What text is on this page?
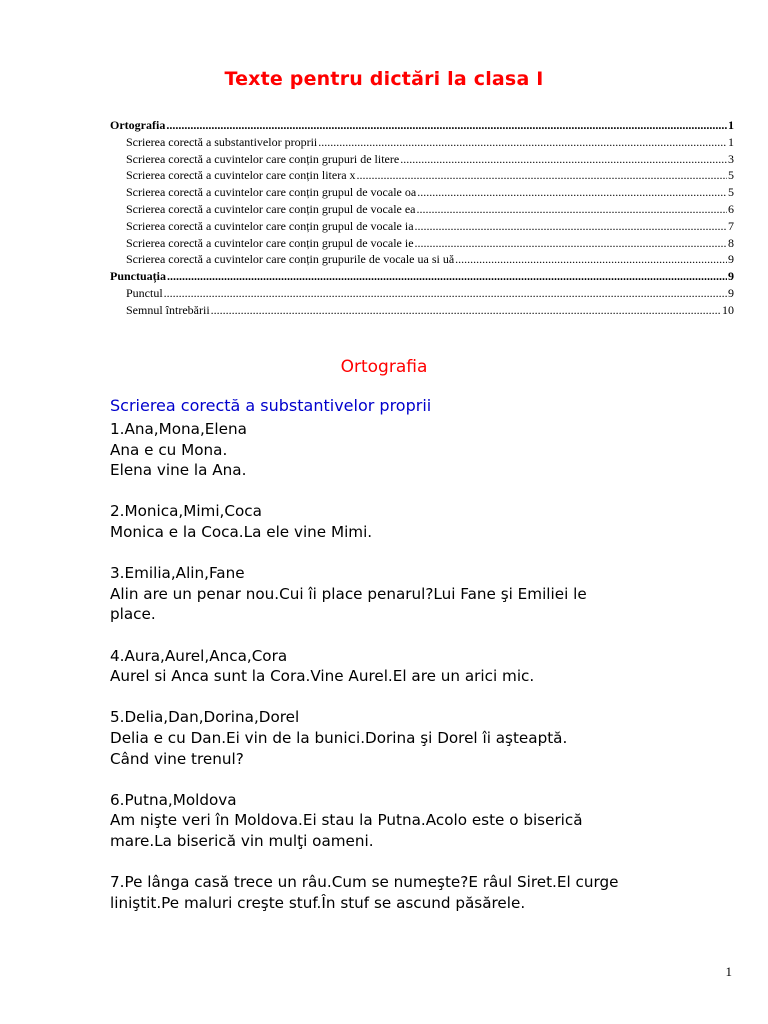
Texte pentru dictări la clasa I
Ortografia .....	1
Scrierea corectă a substantivelor proprii .....	1
Scrierea corectă a cuvintelor care conțin grupuri de litere .....	3
Scrierea corectă a cuvintelor care conțin litera x .....	5
Scrierea corectă a cuvintelor care conțin grupul de vocale oa .....	5
Scrierea corectă a cuvintelor care conțin grupul de vocale ea .....	6
Scrierea corectă a cuvintelor care conțin grupul de vocale ia .....	7
Scrierea corectă a cuvintelor care conțin grupul de vocale ie .....	8
Scrierea corectă a cuvintelor care conțin grupurile de vocale ua si uă .....	9
Punctuația .....	9
Punctul .....	9
Semnul întrebării .....	10
Ortografia
Scrierea corectă a substantivelor proprii
1.Ana,Mona,Elena
Ana e cu Mona.
Elena vine la Ana.
2.Monica,Mimi,Coca
Monica e la Coca.La ele vine Mimi.
3.Emilia,Alin,Fane
Alin are un penar nou.Cui îi place penarul?Lui Fane şi Emiliei le
place.
4.Aura,Aurel,Anca,Cora
Aurel si Anca sunt la Cora.Vine Aurel.El are un arici mic.
5.Delia,Dan,Dorina,Dorel
Delia e cu Dan.Ei vin de la bunici.Dorina şi Dorel îi aşteaptă.
Când vine trenul?
6.Putna,Moldova
Am nişte veri în Moldova.Ei stau la Putna.Acolo este o biserică
mare.La biserică vin mulţi oameni.
7.Pe lânga casă trece un râu.Cum se numeşte?E râul Siret.El curge
liniştit.Pe maluri creşte stuf.În stuf se ascund păsărele.
1
